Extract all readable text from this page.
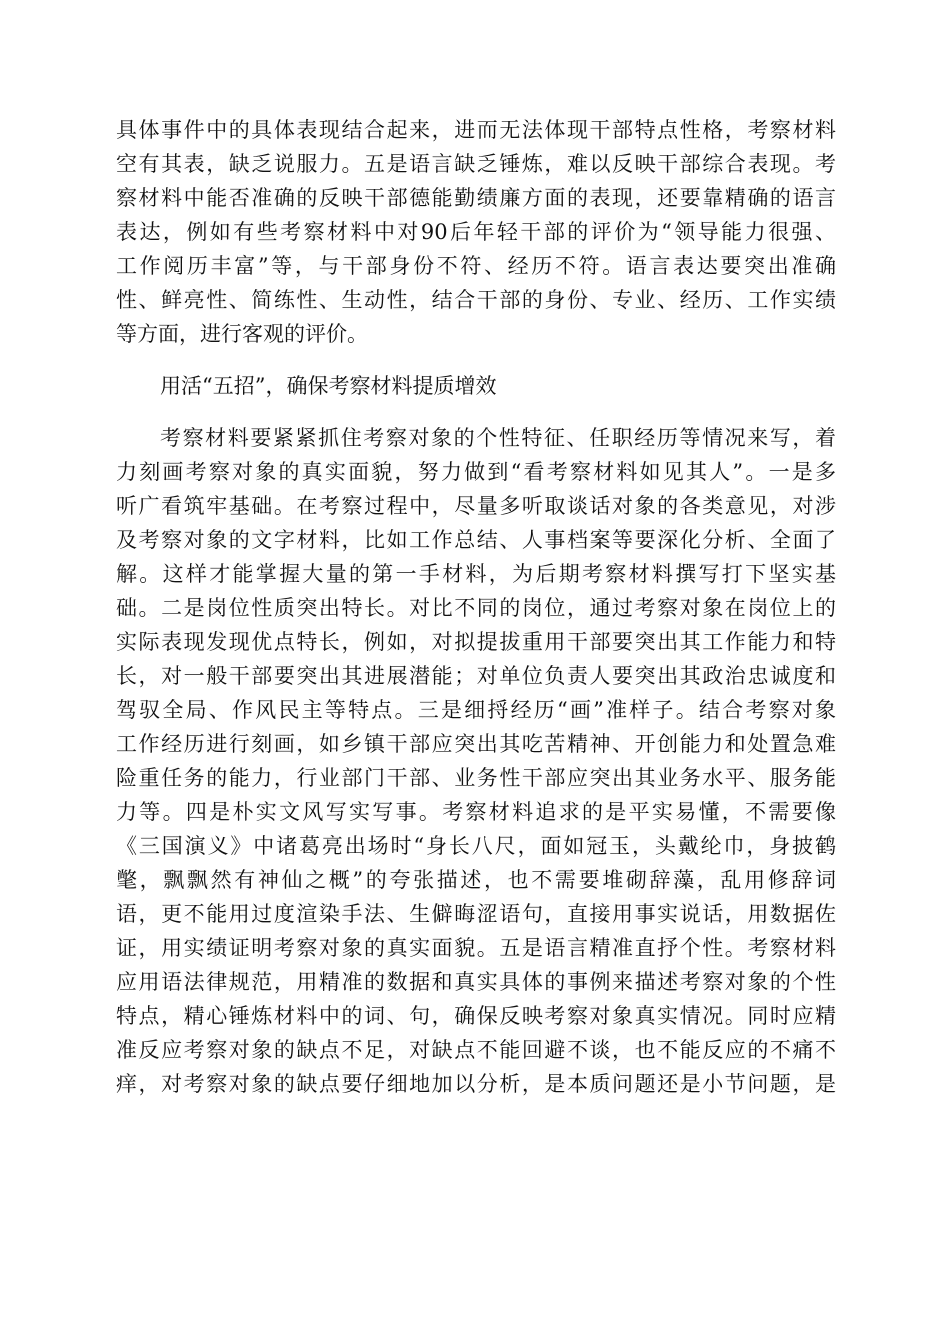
具体事件中的具体表现结合起来，进而无法体现干部特点性格，考察材料
空有其表，缺乏说服力。五是语言缺乏锤炼，难以反映干部综合表现。考
察材料中能否准确的反映干部德能勤绩廉方面的表现，还要靠精确的语言
表达，例如有些考察材料中对90后年轻干部的评价为“领导能力很强、
工作阅历丰富”等，与干部身份不符、经历不符。语言表达要突出准确
性、鲜亮性、简练性、生动性，结合干部的身份、专业、经历、工作实绩
等方面，进行客观的评价。
用活“五招”，确保考察材料提质增效
考察材料要紧紧抓住考察对象的个性特征、任职经历等情况来写，着
力刻画考察对象的真实面貌，努力做到“看考察材料如见其人”。一是多
听广看筑牢基础。在考察过程中，尽量多听取谈话对象的各类意见，对涉
及考察对象的文字材料，比如工作总结、人事档案等要深化分析、全面了
解。这样才能掌握大量的第一手材料，为后期考察材料撰写打下坚实基
础。二是岗位性质突出特长。对比不同的岗位，通过考察对象在岗位上的
实际表现发现优点特长，例如，对拟提拔重用干部要突出其工作能力和特
长，对一般干部要突出其进展潜能；对单位负责人要突出其政治忠诚度和
驾驭全局、作风民主等特点。三是细捋经历“画”准样子。结合考察对象
工作经历进行刻画，如乡镇干部应突出其吃苦精神、开创能力和处置急难
险重任务的能力，行业部门干部、业务性干部应突出其业务水平、服务能
力等。四是朴实文风写实写事。考察材料追求的是平实易懂，不需要像
《三国演义》中诸葛亮出场时“身长八尺，面如冠玉，头戴纶巾，身披鹤
氅，飘飘然有神仙之概”的夸张描述，也不需要堆砌辞藻，乱用修辞词
语，更不能用过度渲染手法、生僻晦涩语句，直接用事实说话，用数据佐
证，用实绩证明考察对象的真实面貌。五是语言精准直抒个性。考察材料
应用语法律规范，用精准的数据和真实具体的事例来描述考察对象的个性
特点，精心锤炼材料中的词、句，确保反映考察对象真实情况。同时应精
准反应考察对象的缺点不足，对缺点不能回避不谈，也不能反应的不痛不
痒，对考察对象的缺点要仔细地加以分析，是本质问题还是小节问题，是
